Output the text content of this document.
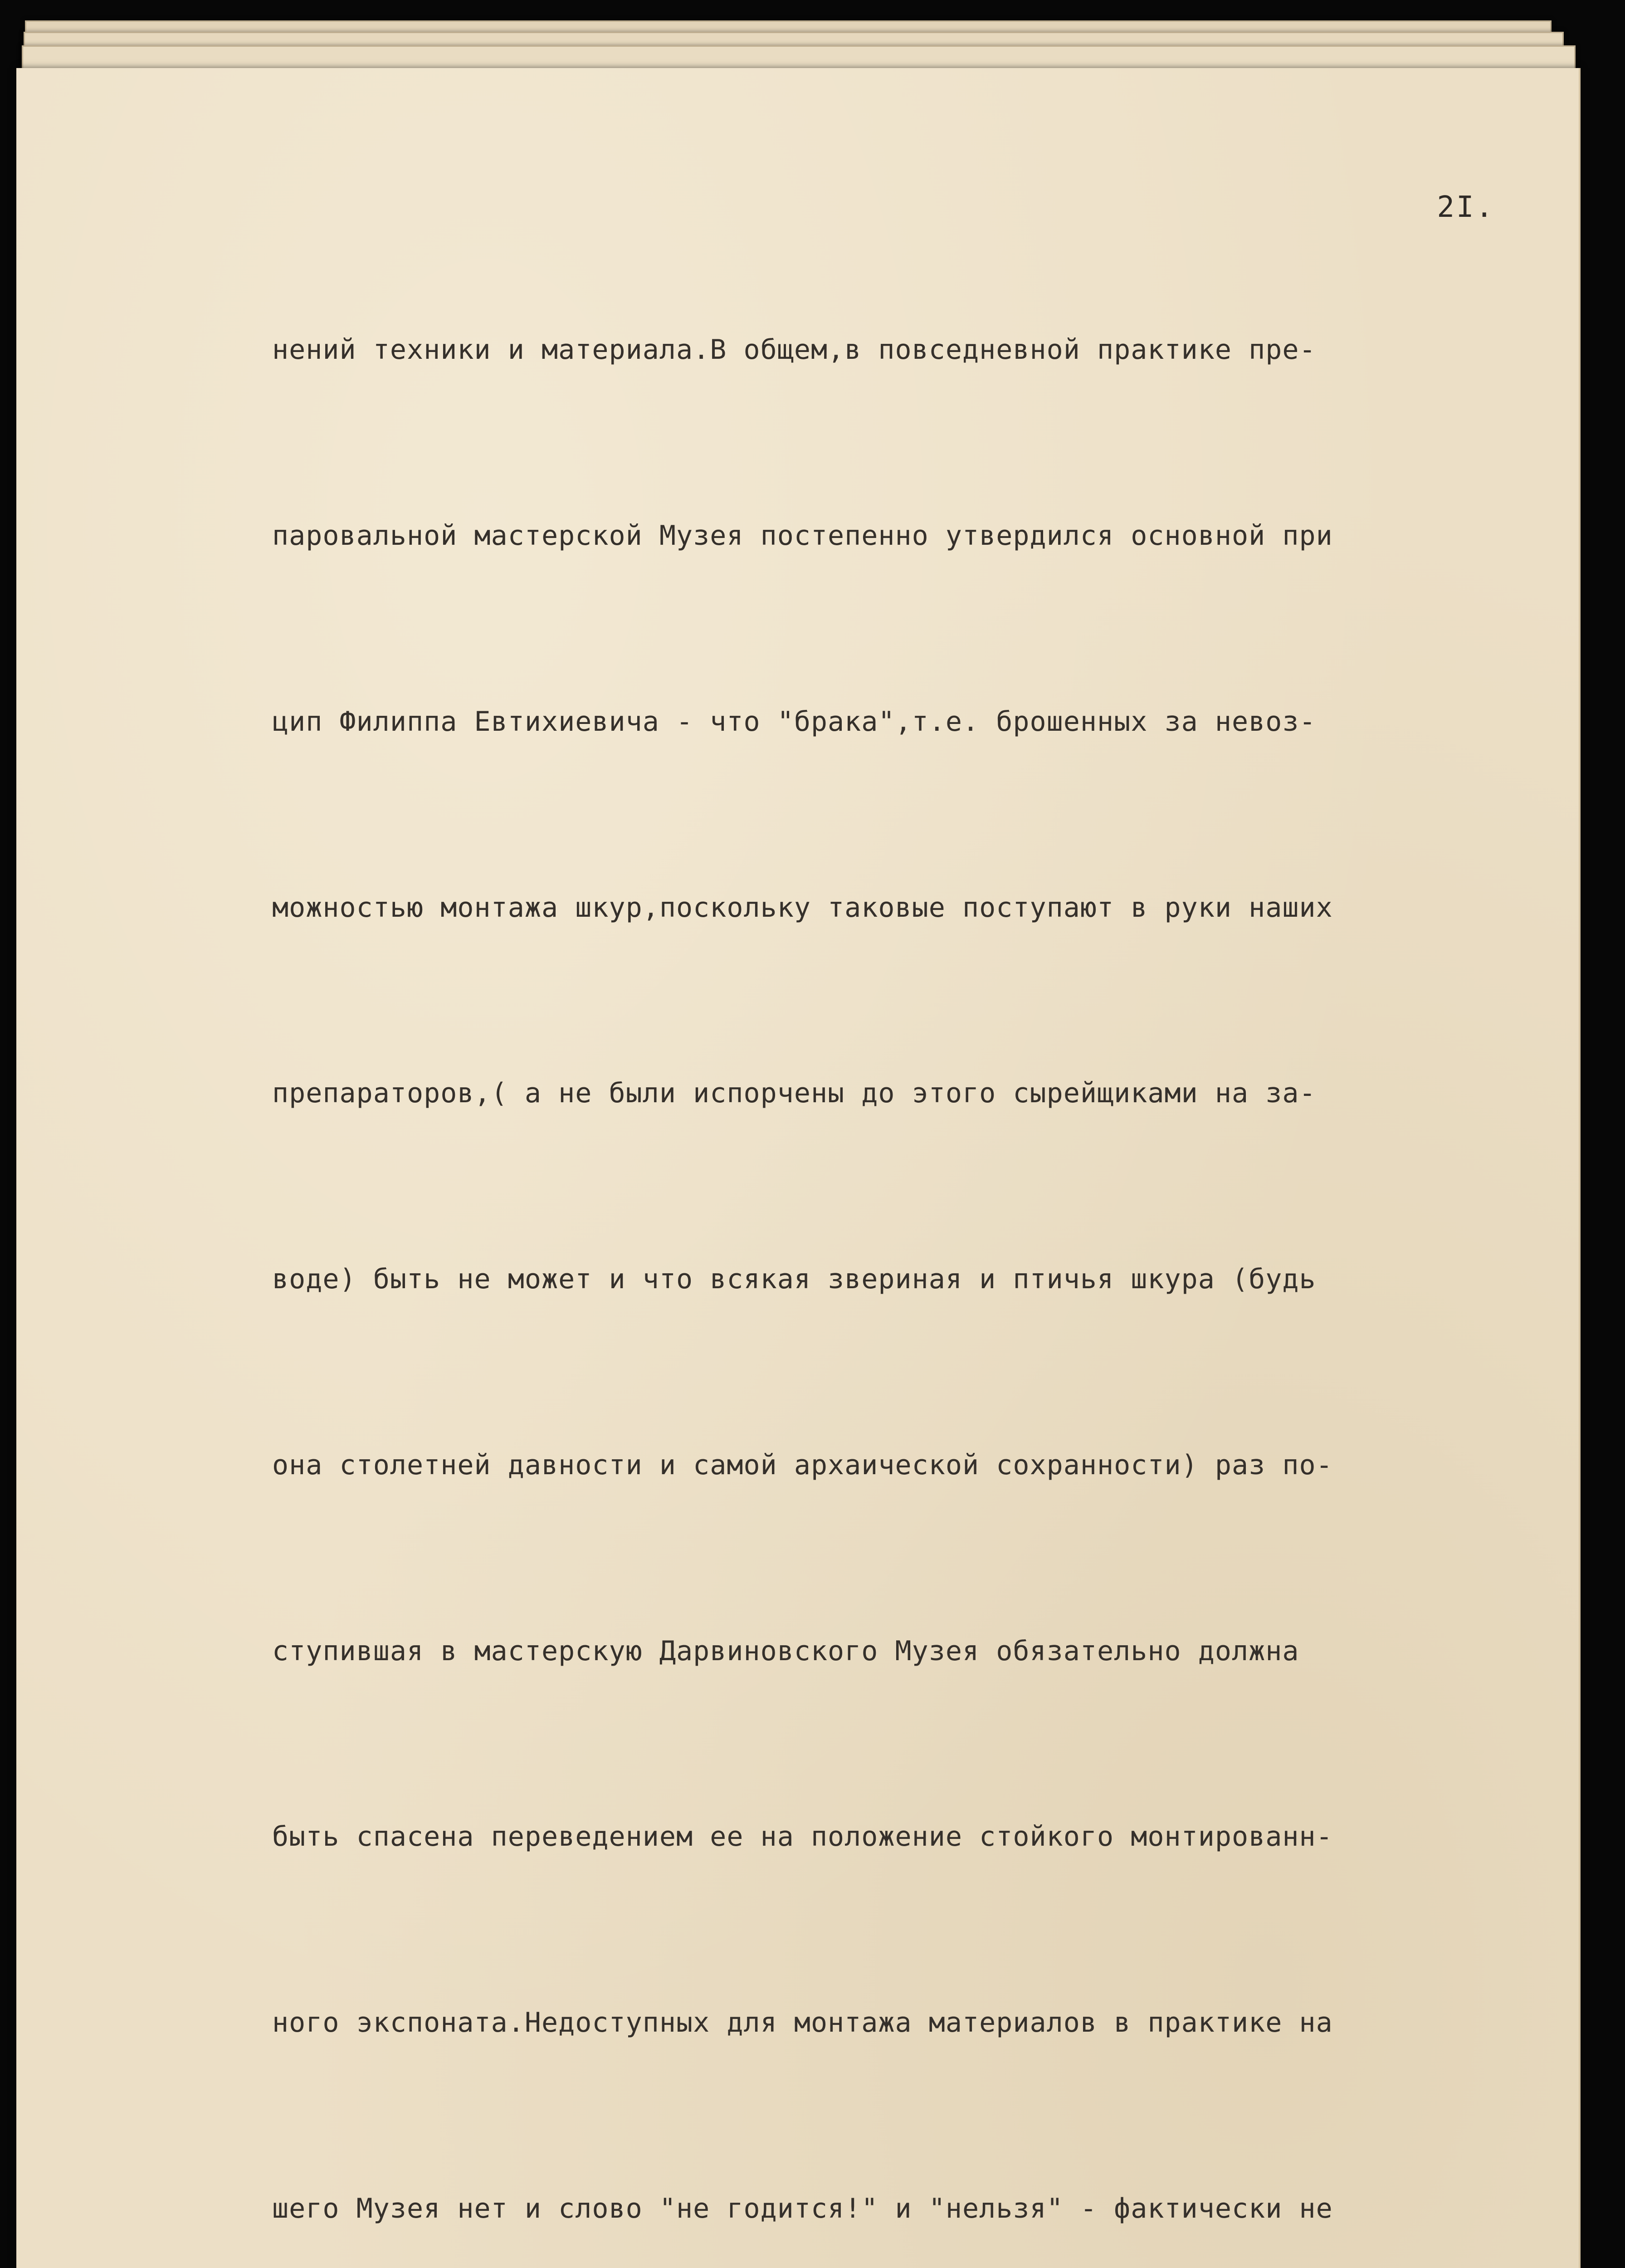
2I.

нений техники и материала.В общем,в повседневной практике пре-

паровальной мастерской Музея постепенно утвердился основной при

цип Филиппа Евтихиевича - что "брака",т.е. брошенных за невоз-

можностью монтажа шкур,поскольку таковые поступают в руки наших

препараторов,( а не были испорчены до этого сырейщиками на за-

воде) быть не может и что всякая звериная и птичья шкура (будь

она столетней давности и самой архаической сохранности) раз по-

ступившая в мастерскую Дарвиновского Музея обязательно должна

быть спасена переведением ее на положение стойкого монтированн-

ного экспоната.Недоступных для монтажа материалов в практике на

шего Музея нет и слово "не годится!" и "нельзя" - фактически не
